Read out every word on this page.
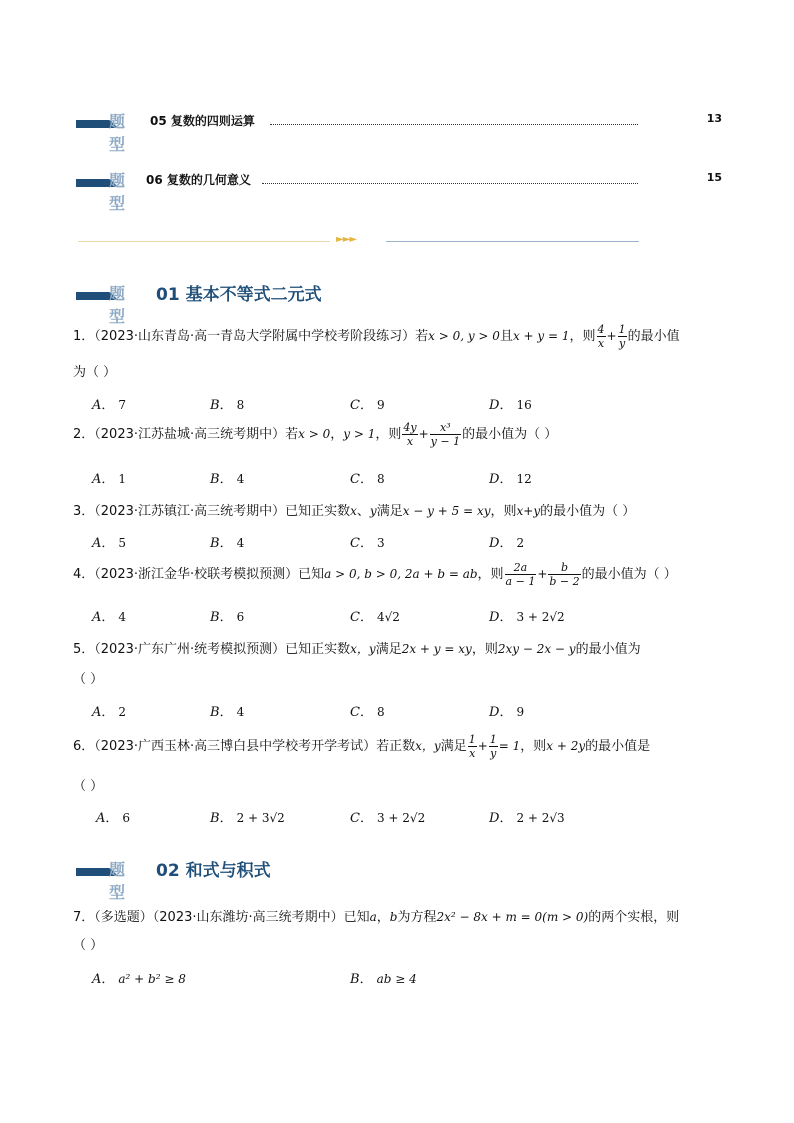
题型
05 复数的四则运算	13
题型
06 复数的几何意义	15
►►►
题型
01 基本不等式二元式
1．（2023·山东青岛·高一青岛大学附属中学校考阶段练习）若x > 0, y > 0且x + y = 1，则 $\frac{4}{x} + \frac{1}{y}$ 的最小值
为（ ）
A． 7	B． 8	C． 9	D． 16
2．（2023·江苏盐城·高三统考期中）若x > 0，y > 1，则 $\frac{4y}{x} + \frac{\text{x³}}{y - 1}$ 的最小值为（ ）
A． 1	B． 4	C． 8	D． 12
3．（2023·江苏镇江·高三统考期中）已知正实数x、y满足x − y + 5 = xy，则x+y的最小值为（ ）
A． 5	B． 4	C． 3	D． 2
4．（2023·浙江金华·校联考模拟预测）已知a > 0, b > 0, 2a + b = ab，则 $\frac{2a}{a - 1} + \frac{b}{b - 2}$ 的最小值为（ ）
A． 4	B． 6	C． 4√2	D． 3 + 2√2
5．（2023·广东广州·统考模拟预测）已知正实数x，y满足2x + y = xy，则2xy − 2x − y的最小值为
（ ）
A． 2	B． 4	C． 8	D． 9
6．（2023·广西玉林·高三博白县中学校考开学考试）若正数x，y满足 $\frac{1}{x} + \frac{1}{y} = 1$，则x + 2y的最小值是
（ ）
A． 6	B． 2 + 3√2	C． 3 + 2√2	D． 2 + 2√3
题型
02 和式与积式
7．（多选题）（2023·山东潍坊·高三统考期中）已知a，b为方程2x² − 8x + m = 0(m > 0)的两个实根，则
（ ）
A． a² + b² ≥ 8	B． ab ≥ 4
